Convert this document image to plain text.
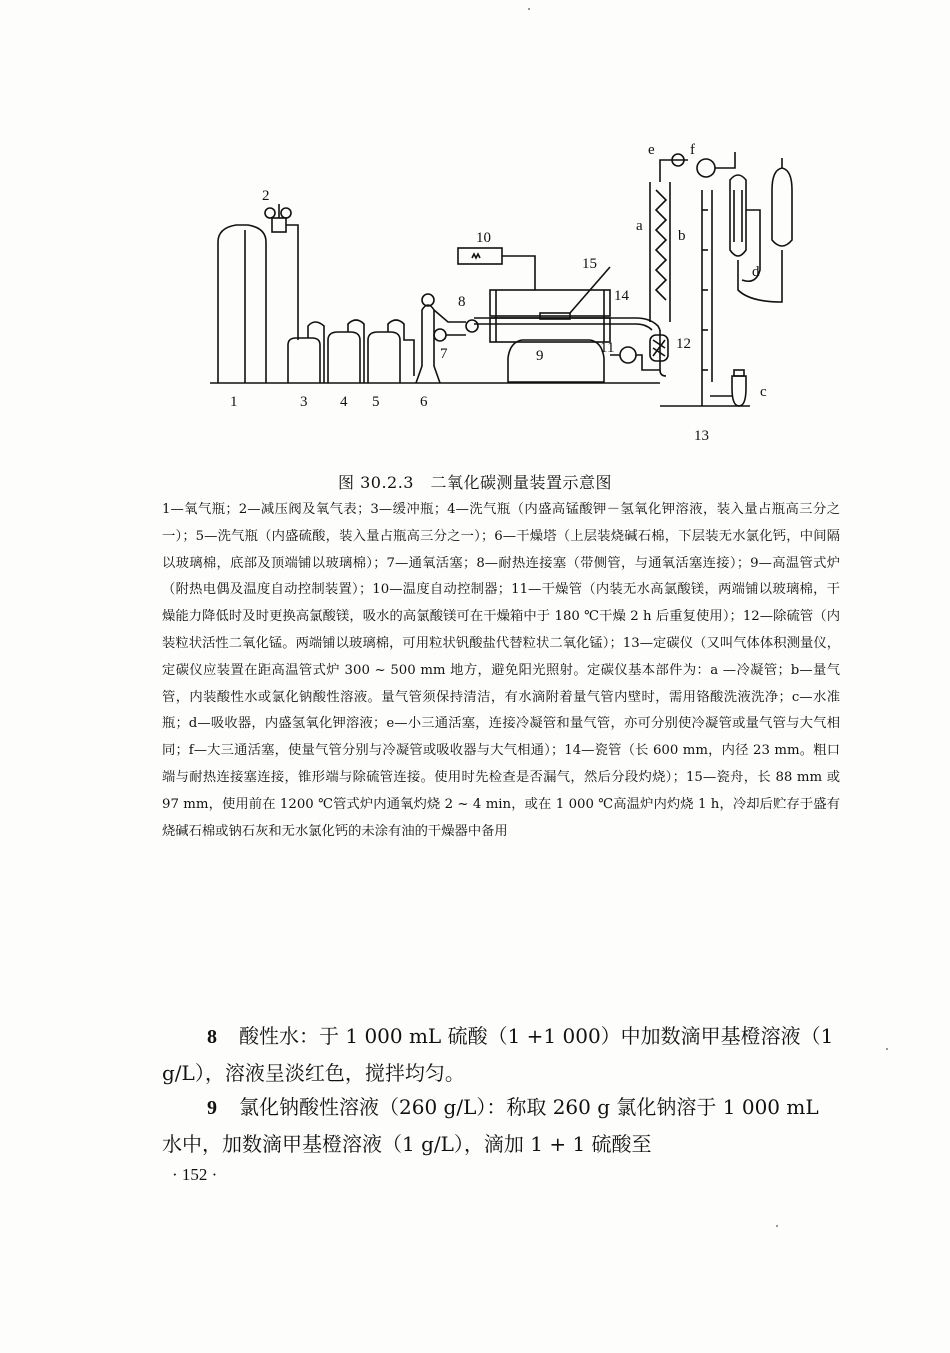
1
2
3 4 5	6
7
8
9
10
11	12
13
14
15
a
b
c
d
e f
图 30.2.3　二氧化碳测量装置示意图
1—氧气瓶；2—减压阀及氧气表；3—缓冲瓶；4—洗气瓶（内盛高锰酸钾－氢氧化钾溶液，装入量占瓶高三分之一）；5—洗气瓶（内盛硫酸，装入量占瓶高三分之一）；6—干燥塔（上层装烧碱石棉，下层装无水氯化钙，中间隔以玻璃棉，底部及顶端铺以玻璃棉）；7—通氧活塞；8—耐热连接塞（带侧管，与通氧活塞连接）；9—高温管式炉（附热电偶及温度自动控制装置）；10—温度自动控制器；11—干燥管（内装无水高氯酸镁，两端铺以玻璃棉，干燥能力降低时及时更换高氯酸镁，吸水的高氯酸镁可在干燥箱中于 180 ℃干燥 2 h 后重复使用）；12—除硫管（内装粒状活性二氧化锰。两端铺以玻璃棉，可用粒状钒酸盐代替粒状二氧化锰）；13—定碳仪（又叫气体体积测量仪，定碳仪应装置在距高温管式炉 300 ~ 500 mm 地方，避免阳光照射。定碳仪基本部件为：a —冷凝管；b—量气管，内装酸性水或氯化钠酸性溶液。量气管须保持清洁，有水滴附着量气管内壁时，需用铬酸洗液洗净；c—水准瓶；d—吸收器，内盛氢氧化钾溶液；e—小三通活塞，连接冷凝管和量气管，亦可分别使冷凝管或量气管与大气相同；f—大三通活塞，使量气管分别与冷凝管或吸收器与大气相通）；14—瓷管（长 600 mm，内径 23 mm。粗口端与耐热连接塞连接，锥形端与除硫管连接。使用时先检查是否漏气，然后分段灼烧）；15—瓷舟，长 88 mm 或 97 mm，使用前在 1200 ℃管式炉内通氧灼烧 2 ~ 4 min，或在 1 000 ℃高温炉内灼烧 1 h，冷却后贮存于盛有烧碱石棉或钠石灰和无水氯化钙的未涂有油的干燥器中备用
8 酸性水：于 1 000 mL 硫酸（1 +1 000）中加数滴甲基橙溶液（1 g/L），溶液呈淡红色，搅拌均匀。
9 氯化钠酸性溶液（260 g/L）：称取 260 g 氯化钠溶于 1 000 mL水中，加数滴甲基橙溶液（1 g/L），滴加 1 + 1 硫酸至
· 152 ·
